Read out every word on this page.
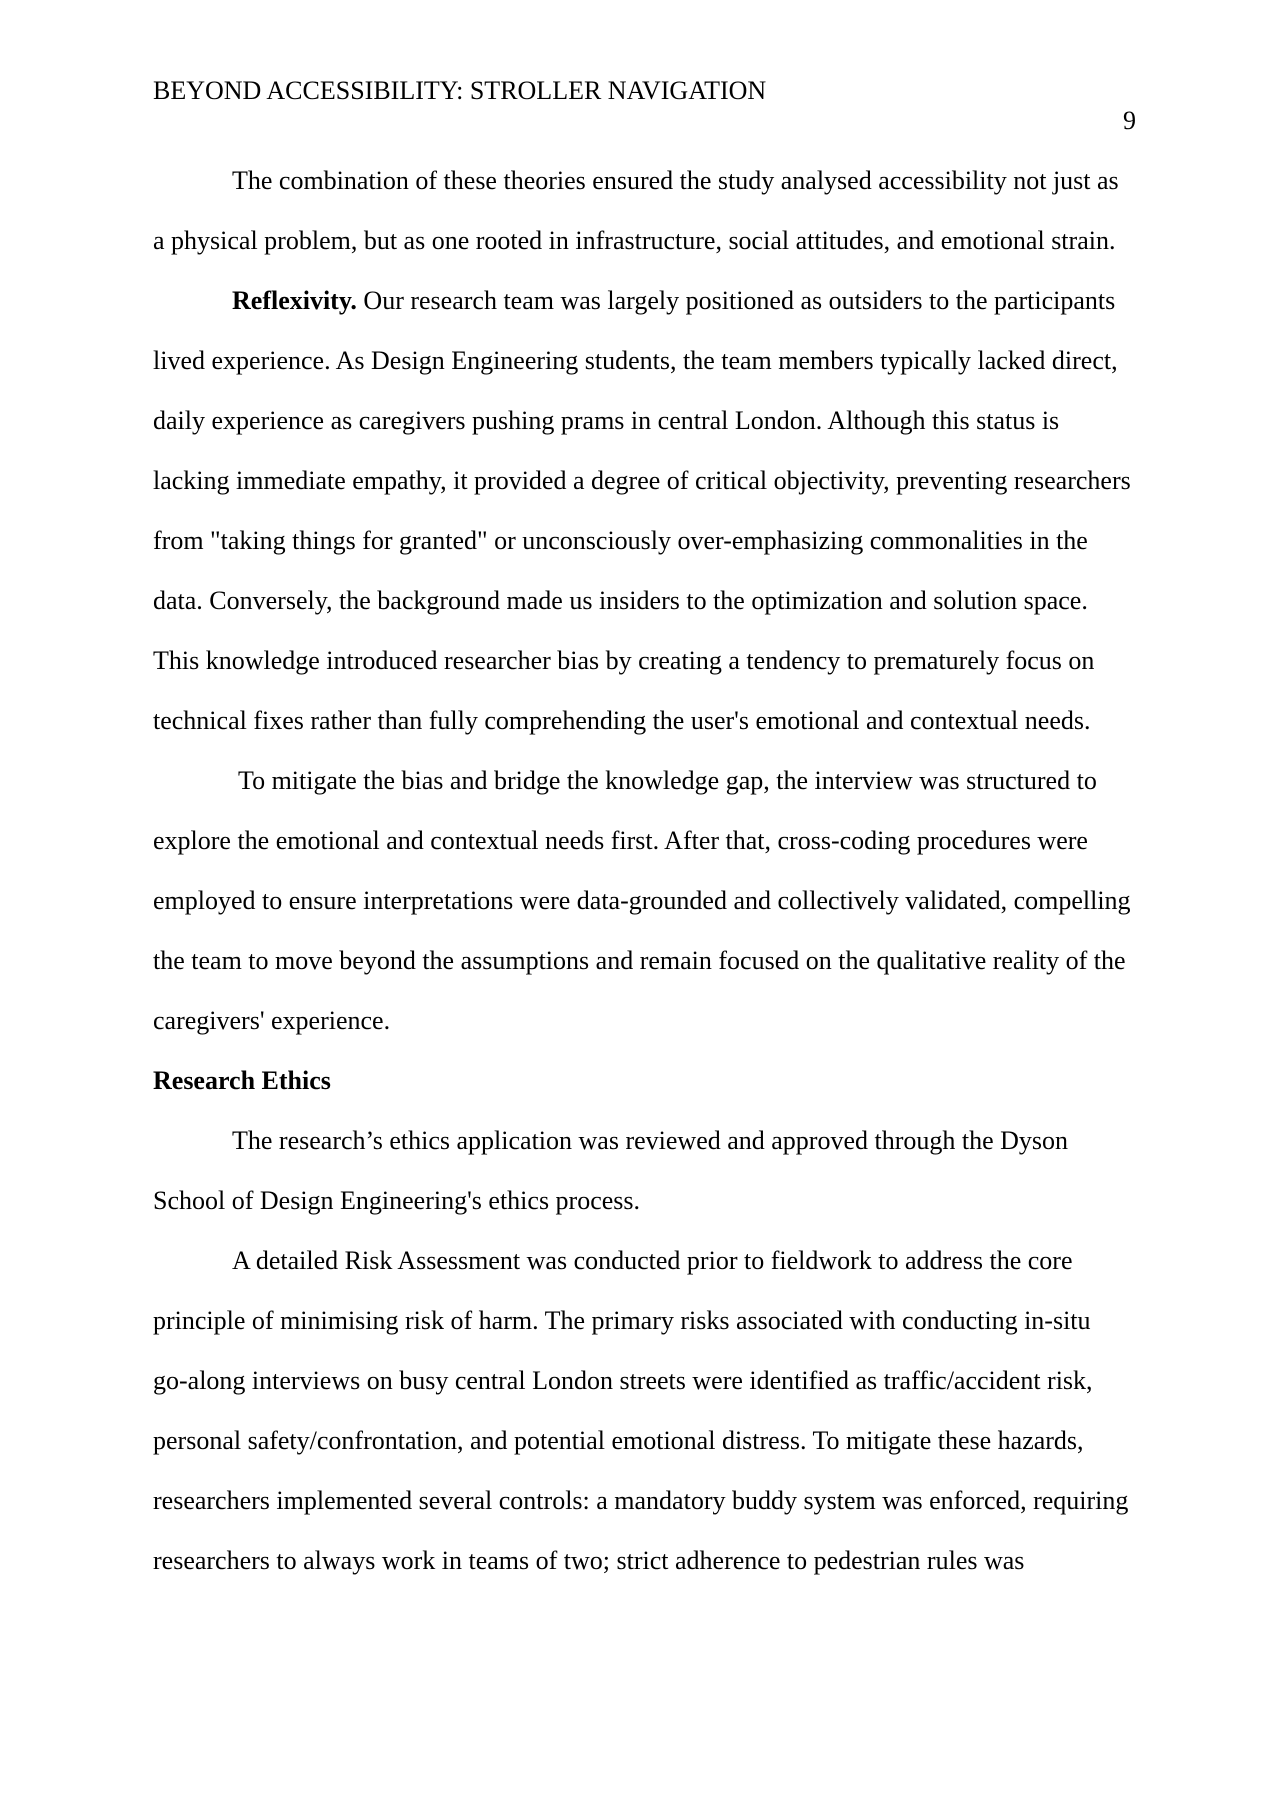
BEYOND ACCESSIBILITY: STROLLER NAVIGATION
9
The combination of these theories ensured the study analysed accessibility not just as
a physical problem, but as one rooted in infrastructure, social attitudes, and emotional strain.
Reflexivity. Our research team was largely positioned as outsiders to the participants
lived experience. As Design Engineering students, the team members typically lacked direct,
daily experience as caregivers pushing prams in central London. Although this status is
lacking immediate empathy, it provided a degree of critical objectivity, preventing researchers
from "taking things for granted" or unconsciously over-emphasizing commonalities in the
data. Conversely, the background made us insiders to the optimization and solution space.
This knowledge introduced researcher bias by creating a tendency to prematurely focus on
technical fixes rather than fully comprehending the user's emotional and contextual needs.
To mitigate the bias and bridge the knowledge gap, the interview was structured to
explore the emotional and contextual needs first. After that, cross-coding procedures were
employed to ensure interpretations were data-grounded and collectively validated, compelling
the team to move beyond the assumptions and remain focused on the qualitative reality of the
caregivers' experience.
Research Ethics
The research’s ethics application was reviewed and approved through the Dyson
School of Design Engineering's ethics process.
A detailed Risk Assessment was conducted prior to fieldwork to address the core
principle of minimising risk of harm. The primary risks associated with conducting in-situ
go-along interviews on busy central London streets were identified as traffic/accident risk,
personal safety/confrontation, and potential emotional distress. To mitigate these hazards,
researchers implemented several controls: a mandatory buddy system was enforced, requiring
researchers to always work in teams of two; strict adherence to pedestrian rules was
